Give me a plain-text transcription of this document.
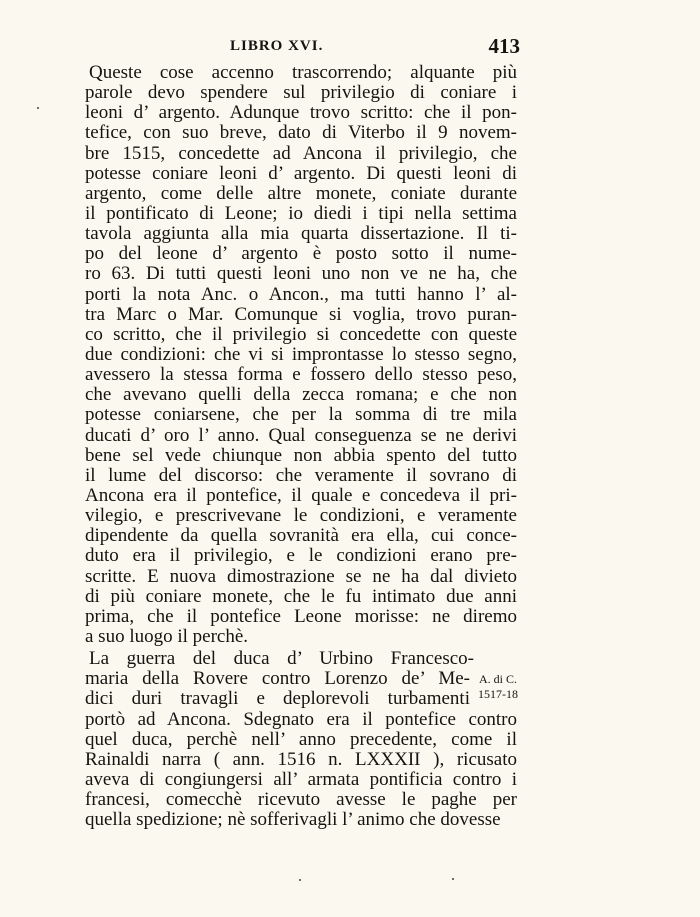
LIBRO XVI.	413
Queste cose accenno trascorrendo; alquante più
parole devo spendere sul privilegio di coniare i
leoni d’ argento. Adunque trovo scritto: che il pon-
tefice, con suo breve, dato di Viterbo il 9 novem-
bre 1515, concedette ad Ancona il privilegio, che
potesse coniare leoni d’ argento. Di questi leoni di
argento, come delle altre monete, coniate durante
il pontificato di Leone; io diedi i tipi nella settima
tavola aggiunta alla mia quarta dissertazione. Il ti-
po del leone d’ argento è posto sotto il nume-
ro 63. Di tutti questi leoni uno non ve ne ha, che
porti la nota Anc. o Ancon., ma tutti hanno l’ al-
tra Marc o Mar. Comunque si voglia, trovo puran-
co scritto, che il privilegio si concedette con queste
due condizioni: che vi si improntasse lo stesso segno,
avessero la stessa forma e fossero dello stesso peso,
che avevano quelli della zecca romana; e che non
potesse coniarsene, che per la somma di tre mila
ducati d’ oro l’ anno. Qual conseguenza se ne derivi
bene sel vede chiunque non abbia spento del tutto
il lume del discorso: che veramente il sovrano di
Ancona era il pontefice, il quale e concedeva il pri-
vilegio, e prescrivevane le condizioni, e veramente
dipendente da quella sovranità era ella, cui conce-
duto era il privilegio, e le condizioni erano pre-
scritte. E nuova dimostrazione se ne ha dal divieto
di più coniare monete, che le fu intimato due anni
prima, che il pontefice Leone morisse: ne diremo
a suo luogo il perchè.
La guerra del duca d’ Urbino Francesco-
maria della Rovere contro Lorenzo de’ Me-
dici duri travagli e deplorevoli turbamenti
portò ad Ancona. Sdegnato era il pontefice contro
quel duca, perchè nell’ anno precedente, come il
Rainaldi narra ( ann. 1516 n. LXXXII ), ricusato
aveva di congiungersi all’ armata pontificia contro i
francesi, comecchè ricevuto avesse le paghe per
quella spedizione; nè sofferivagli l’ animo che dovesse
A. di C.
1517-18
